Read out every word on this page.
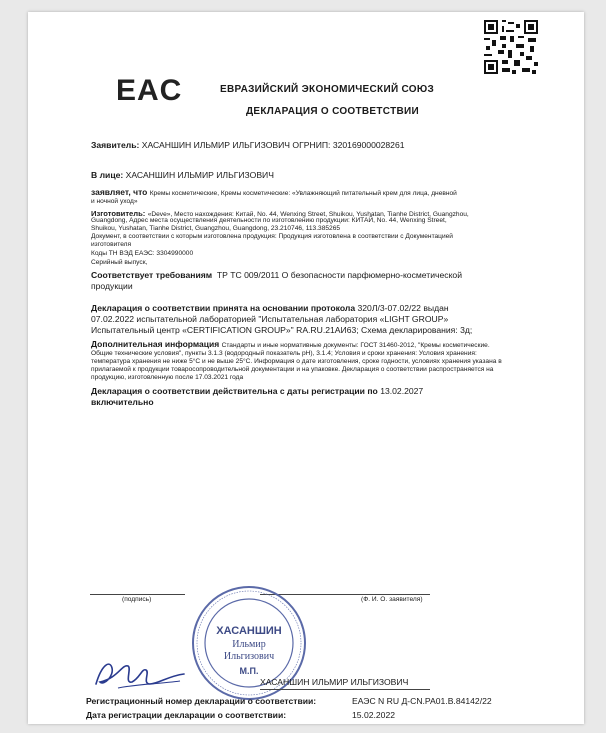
EAC	ЕВРАЗИЙСКИЙ ЭКОНОМИЧЕСКИЙ СОЮЗ
ДЕКЛАРАЦИЯ О СООТВЕТСТВИИ
Заявитель: ХАСАНШИН ИЛЬМИР ИЛЬГИЗОВИЧ ОГРНИП: 320169000028261
В лице: ХАСАНШИН ИЛЬМИР ИЛЬГИЗОВИЧ
заявляет, что Кремы косметические, Кремы косметические: «Увлажняющий питательный крем для лица, дневной
и ночной уход»
Изготовитель: «Deve», Место нахождения: Китай, No. 44, Wenxing Street, Shuikou, Yushatan, Tianhe District, Guangzhou,
Guangdong, Адрес места осуществления деятельности по изготовлению продукции: КИТАЙ, No. 44, Wenxing Street,
Shuikou, Yushatan, Tianhe District, Guangzhou, Guangdong, 23.210746, 113.385265
Документ, в соответствии с которым изготовлена продукция: Продукция изготовлена в соответствии с Документацией
изготовителя
Коды ТН ВЭД ЕАЭС: 3304990000
Серийный выпуск,
Соответствует требованиям ТР ТС 009/2011 О безопасности парфюмерно-косметической
продукции
Декларация о соответствии принята на основании протокола 320Л/3-07.02/22 выдан
07.02.2022 испытательной лабораторией "Испытательная лаборатория «LIGHT GROUP»
Испытательный центр «CERTIFICATION GROUP»" RA.RU.21АИ63; Схема декларирования: 3д;
Дополнительная информация Стандарты и иные нормативные документы: ГОСТ 31460-2012, "Кремы косметические.
Общие технические условия", пункты 3.1.3 (водородный показатель pH), 3.1.4; Условия и сроки хранения: Условия хранения:
температура хранения не ниже 5°С и не выше 25°С. Информация о дате изготовления, сроке годности, условиях хранения указана в
прилагаемой к продукции товаросопроводительной документации и на упаковке. Декларация о соответствии распространяется на
продукцию, изготовленную после 17.03.2021 года
Декларация о соответствии действительна с даты регистрации по 13.02.2027
включительно
(подпись)	(Ф. И. О. заявителя)
ХАСАНШИН
Ильмир
Ильгизович
М.П.
ХАСАНШИН ИЛЬМИР ИЛЬГИЗОВИЧ
Регистрационный номер декларации о соответствии:	ЕАЭС N RU Д-CN.PA01.B.84142/22
Дата регистрации декларации о соответствии:	15.02.2022
